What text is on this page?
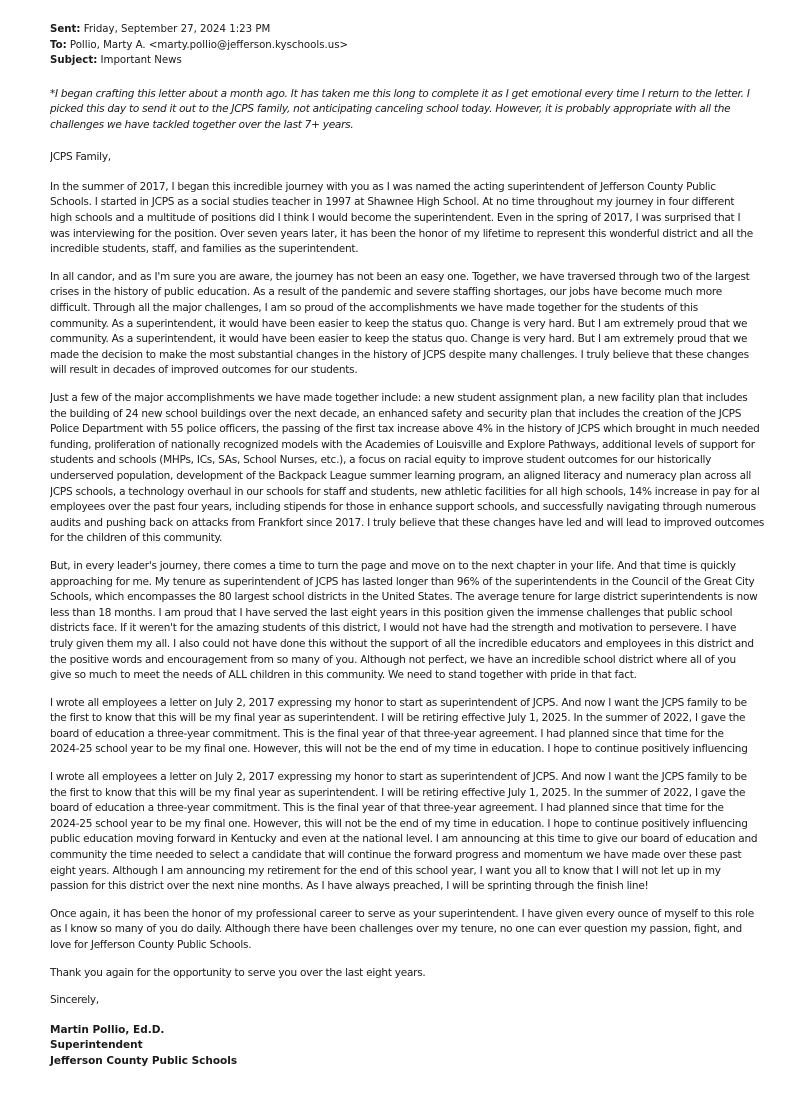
Sent: Friday, September 27, 2024 1:23 PM

To: Pollio, Marty A. <marty.pollio@jefferson.kyschools.us>

Subject: Important News

*I began crafting this letter about a month ago. It has taken me this long to complete it as I get emotional every time I return to the letter. I
picked this day to send it out to the JCPS family, not anticipating canceling school today. However, it is probably appropriate with all the
challenges we have tackled together over the last 7+ years.
JCPS Family,
In the summer of 2017, I began this incredible journey with you as I was named the acting superintendent of Jefferson County Public
Schools. I started in JCPS as a social studies teacher in 1997 at Shawnee High School. At no time throughout my journey in four different
high schools and a multitude of positions did I think I would become the superintendent. Even in the spring of 2017, I was surprised that I
was interviewing for the position. Over seven years later, it has been the honor of my lifetime to represent this wonderful district and all the
incredible students, staff, and families as the superintendent.
In all candor, and as I'm sure you are aware, the journey has not been an easy one. Together, we have traversed through two of the largest
crises in the history of public education. As a result of the pandemic and severe staffing shortages, our jobs have become much more
difficult. Through all the major challenges, I am so proud of the accomplishments we have made together for the students of this
community. As a superintendent, it would have been easier to keep the status quo. Change is very hard. But I am extremely proud that we
community. As a superintendent, it would have been easier to keep the status quo. Change is very hard. But I am extremely proud that we
made the decision to make the most substantial changes in the history of JCPS despite many challenges. I truly believe that these changes
will result in decades of improved outcomes for our students.
Just a few of the major accomplishments we have made together include: a new student assignment plan, a new facility plan that includes
the building of 24 new school buildings over the next decade, an enhanced safety and security plan that includes the creation of the JCPS
Police Department with 55 police officers, the passing of the first tax increase above 4% in the history of JCPS which brought in much needed
funding, proliferation of nationally recognized models with the Academies of Louisville and Explore Pathways, additional levels of support for
students and schools (MHPs, ICs, SAs, School Nurses, etc.), a focus on racial equity to improve student outcomes for our historically
underserved population, development of the Backpack League summer learning program, an aligned literacy and numeracy plan across all
JCPS schools, a technology overhaul in our schools for staff and students, new athletic facilities for all high schools, 14% increase in pay for al
employees over the past four years, including stipends for those in enhance support schools, and successfully navigating through numerous
audits and pushing back on attacks from Frankfort since 2017. I truly believe that these changes have led and will lead to improved outcomes
for the children of this community.
But, in every leader's journey, there comes a time to turn the page and move on to the next chapter in your life. And that time is quickly
approaching for me. My tenure as superintendent of JCPS has lasted longer than 96% of the superintendents in the Council of the Great City
Schools, which encompasses the 80 largest school districts in the United States. The average tenure for large district superintendents is now
less than 18 months. I am proud that I have served the last eight years in this position given the immense challenges that public school
districts face. If it weren't for the amazing students of this district, I would not have had the strength and motivation to persevere. I have
truly given them my all. I also could not have done this without the support of all the incredible educators and employees in this district and
the positive words and encouragement from so many of you. Although not perfect, we have an incredible school district where all of you
give so much to meet the needs of ALL children in this community. We need to stand together with pride in that fact.
I wrote all employees a letter on July 2, 2017 expressing my honor to start as superintendent of JCPS. And now I want the JCPS family to be
the first to know that this will be my final year as superintendent. I will be retiring effective July 1, 2025. In the summer of 2022, I gave the
board of education a three-year commitment. This is the final year of that three-year agreement. I had planned since that time for the
2024-25 school year to be my final one. However, this will not be the end of my time in education. I hope to continue positively influencing
I wrote all employees a letter on July 2, 2017 expressing my honor to start as superintendent of JCPS. And now I want the JCPS family to be
the first to know that this will be my final year as superintendent. I will be retiring effective July 1, 2025. In the summer of 2022, I gave the
board of education a three-year commitment. This is the final year of that three-year agreement. I had planned since that time for the
2024-25 school year to be my final one. However, this will not be the end of my time in education. I hope to continue positively influencing
public education moving forward in Kentucky and even at the national level. I am announcing at this time to give our board of education and
community the time needed to select a candidate that will continue the forward progress and momentum we have made over these past
eight years. Although I am announcing my retirement for the end of this school year, I want you all to know that I will not let up in my
passion for this district over the next nine months. As I have always preached, I will be sprinting through the finish line!
Once again, it has been the honor of my professional career to serve as your superintendent. I have given every ounce of myself to this role
as I know so many of you do daily. Although there have been challenges over my tenure, no one can ever question my passion, fight, and
love for Jefferson County Public Schools.
Thank you again for the opportunity to serve you over the last eight years.
Sincerely,

Martin Pollio, Ed.D.

Superintendent

Jefferson County Public Schools
